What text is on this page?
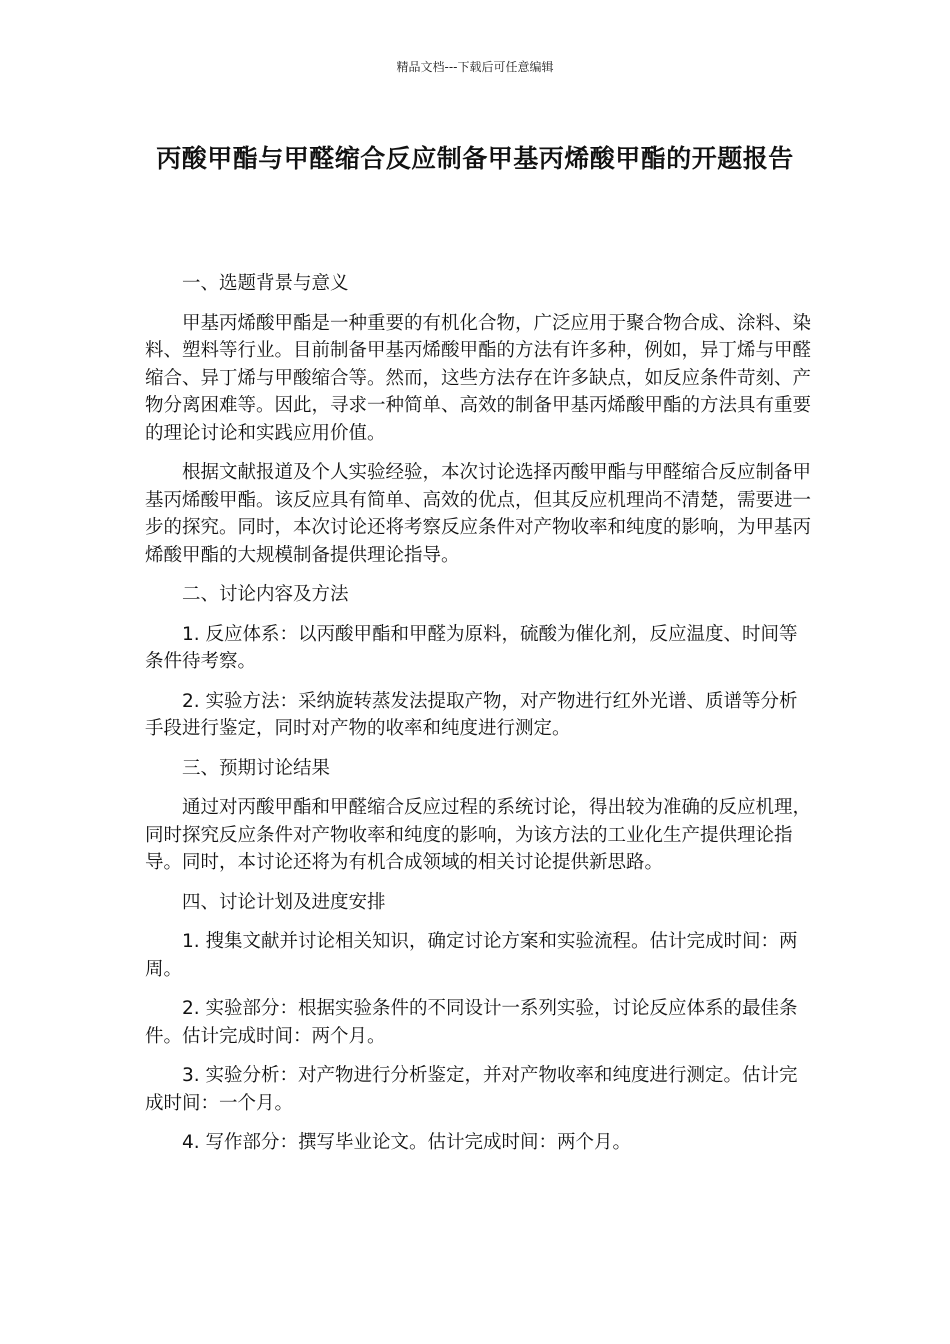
精品文档---下载后可任意编辑
丙酸甲酯与甲醛缩合反应制备甲基丙烯酸甲酯的开题报告
一、选题背景与意义
甲基丙烯酸甲酯是一种重要的有机化合物，广泛应用于聚合物合成、涂料、染料、塑料等行业。目前制备甲基丙烯酸甲酯的方法有许多种，例如，异丁烯与甲醛缩合、异丁烯与甲酸缩合等。然而，这些方法存在许多缺点，如反应条件苛刻、产物分离困难等。因此，寻求一种简单、高效的制备甲基丙烯酸甲酯的方法具有重要的理论讨论和实践应用价值。
根据文献报道及个人实验经验，本次讨论选择丙酸甲酯与甲醛缩合反应制备甲基丙烯酸甲酯。该反应具有简单、高效的优点，但其反应机理尚不清楚，需要进一步的探究。同时，本次讨论还将考察反应条件对产物收率和纯度的影响，为甲基丙烯酸甲酯的大规模制备提供理论指导。
二、讨论内容及方法
1. 反应体系：以丙酸甲酯和甲醛为原料，硫酸为催化剂，反应温度、时间等条件待考察。
2. 实验方法：采纳旋转蒸发法提取产物，对产物进行红外光谱、质谱等分析手段进行鉴定，同时对产物的收率和纯度进行测定。
三、预期讨论结果
通过对丙酸甲酯和甲醛缩合反应过程的系统讨论，得出较为准确的反应机理，同时探究反应条件对产物收率和纯度的影响，为该方法的工业化生产提供理论指导。同时，本讨论还将为有机合成领域的相关讨论提供新思路。
四、讨论计划及进度安排
1. 搜集文献并讨论相关知识，确定讨论方案和实验流程。估计完成时间：两周。
2. 实验部分：根据实验条件的不同设计一系列实验，讨论反应体系的最佳条件。估计完成时间：两个月。
3. 实验分析：对产物进行分析鉴定，并对产物收率和纯度进行测定。估计完成时间：一个月。
4. 写作部分：撰写毕业论文。估计完成时间：两个月。
